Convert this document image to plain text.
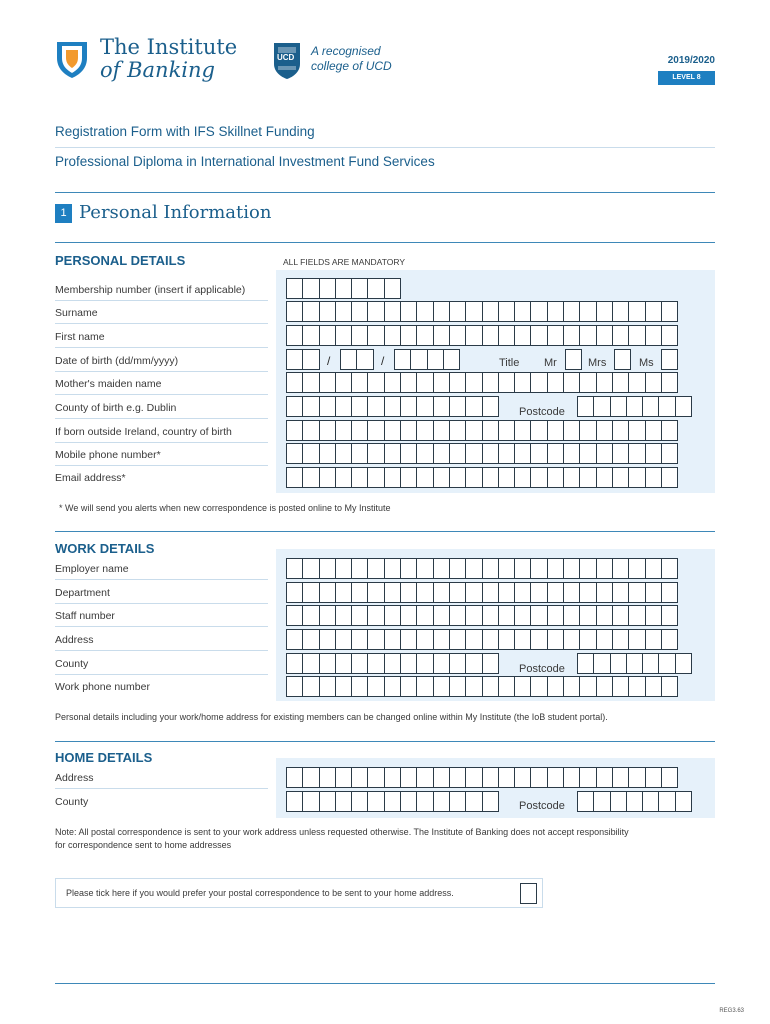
The Institute
of Banking
UCD A recognised
college of UCD	2019/2020
LEVEL 8
Registration Form with IFS Skillnet Funding
Professional Diploma in International Investment Fund Services
1 Personal Information
PERSONAL DETAILS	ALL FIELDS ARE MANDATORY
Membership number (insert if applicable)
Surname
First name
Date of birth (dd/mm/yyyy)	/	/	Title Mr	Mrs	Ms
Mother's maiden name
County of birth e.g. Dublin	Postcode
If born outside Ireland, country of birth
Mobile phone number*
Email address*
* We will send you alerts when new correspondence is posted online to My Institute
WORK DETAILS
Employer name
Department
Staff number
Address
County	Postcode
Work phone number
Personal details including your work/home address for existing members can be changed online within My Institute (the IoB student portal).
HOME DETAILS
Address
County	Postcode
Note: All postal correspondence is sent to your work address unless requested otherwise. The Institute of Banking does not accept responsibility
for correspondence sent to home addresses
Please tick here if you would prefer your postal correspondence to be sent to your home address.
REG3.63
